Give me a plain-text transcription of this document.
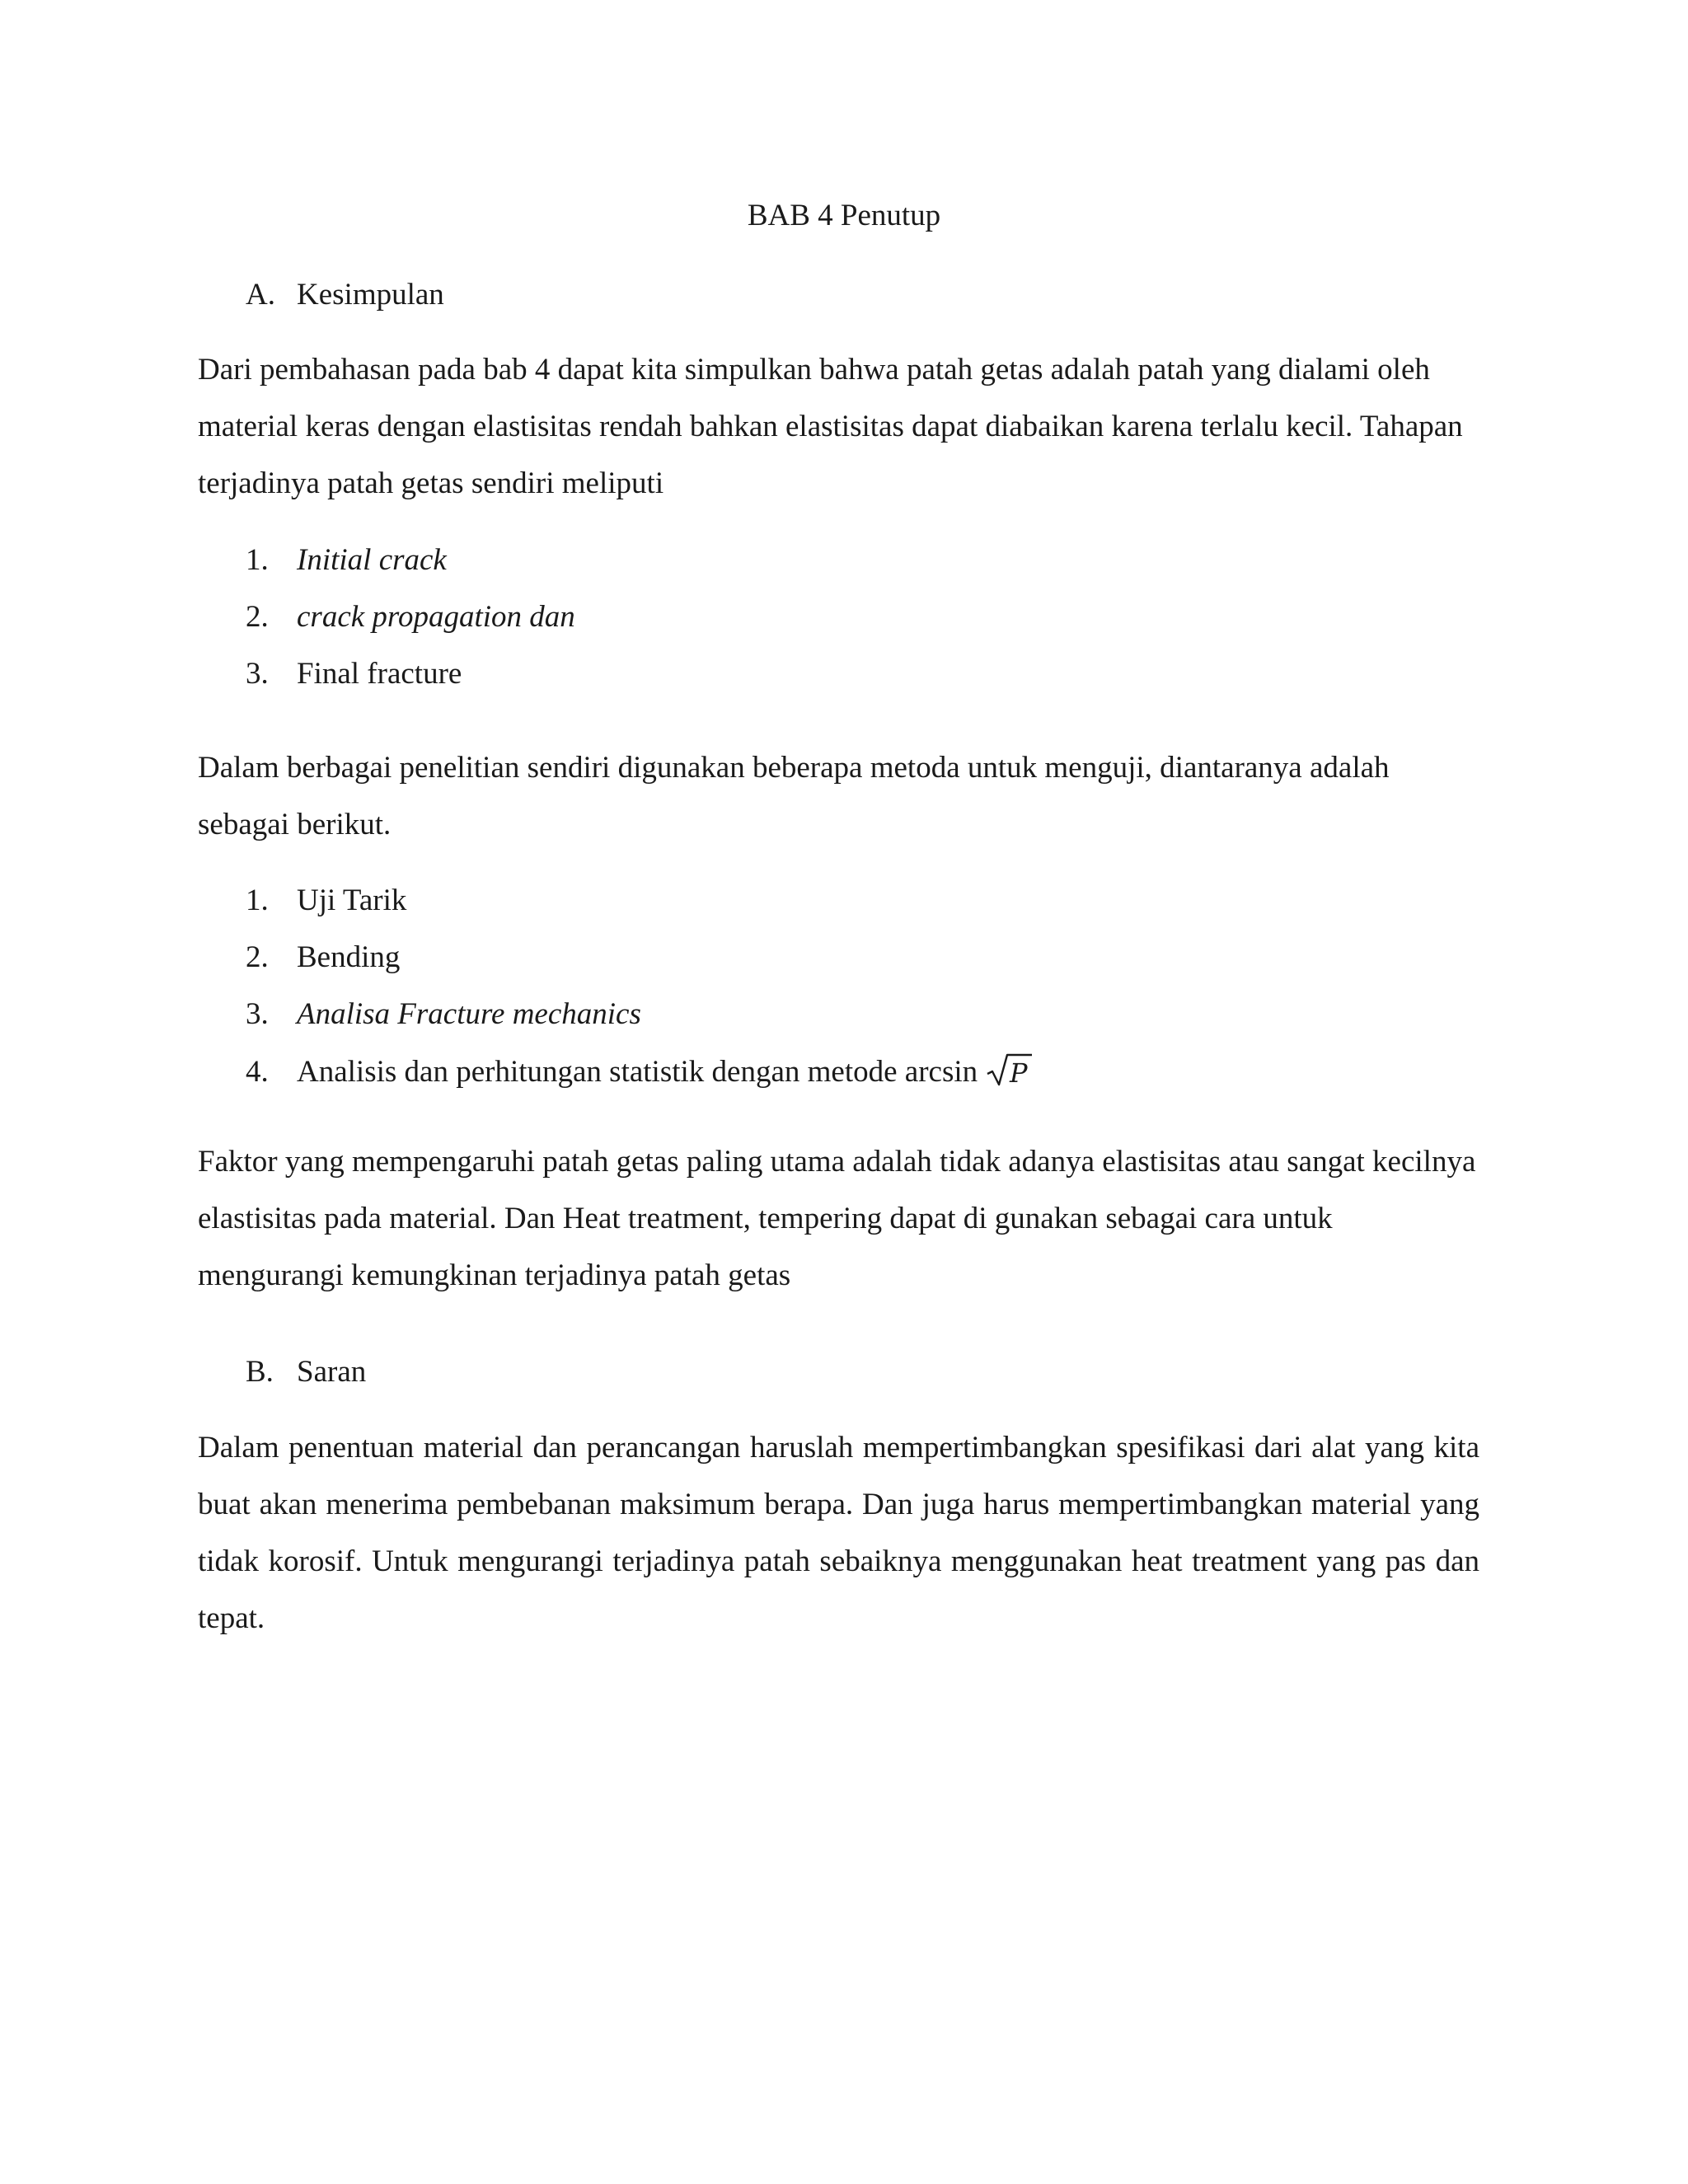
BAB 4 Penutup
A. Kesimpulan

Dari pembahasan pada bab 4 dapat kita simpulkan bahwa patah getas adalah patah yang dialami oleh material keras dengan elastisitas rendah bahkan elastisitas dapat diabaikan karena terlalu kecil. Tahapan terjadinya patah getas sendiri meliputi

1. Initial crack
2. crack propagation dan
3. Final fracture

Dalam berbagai penelitian sendiri digunakan beberapa metoda untuk menguji, diantaranya adalah sebagai berikut.

1. Uji Tarik
2. Bending
3. Analisa Fracture mechanics
4. Analisis dan perhitungan statistik dengan metode arcsin P

Faktor yang mempengaruhi patah getas paling utama adalah tidak adanya elastisitas atau sangat kecilnya elastisitas pada material. Dan Heat treatment, tempering dapat di gunakan sebagai cara untuk mengurangi kemungkinan terjadinya patah getas

B. Saran

Dalam penentuan material dan perancangan haruslah mempertimbangkan spesifikasi dari alat yang kita buat akan menerima pembebanan maksimum berapa. Dan juga harus mempertimbangkan material yang tidak korosif. Untuk mengurangi terjadinya patah sebaiknya menggunakan heat treatment yang pas dan tepat.
